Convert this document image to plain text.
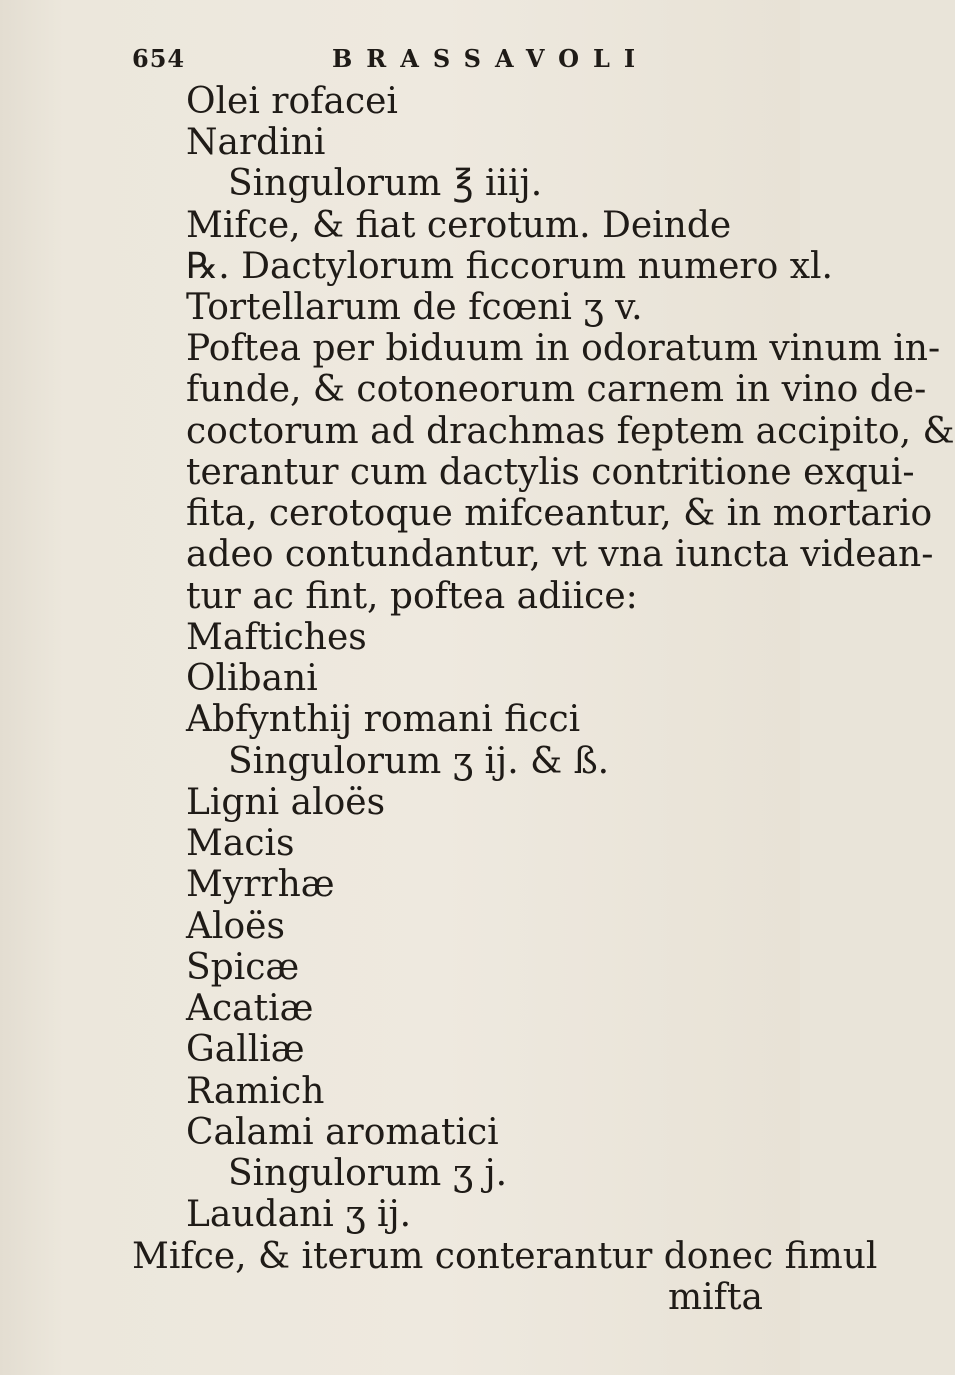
654	BRASSAVOLI
Olei rofacei
Nardini
Singulorum ℥ iiij.
Mifce, & fiat cerotum. Deinde
℞. Dactylorum ficcorum numero xl.
Tortellarum de fcœni ʒ v.
Poftea per biduum in odoratum vinum in-
funde, & cotoneorum carnem in vino de-
coctorum ad drachmas feptem accipito, &
terantur cum dactylis contritione exqui-
fita, cerotoque mifceantur, & in mortario
adeo contundantur, vt vna iuncta videan-
tur ac fint, poftea adiice:
Maftiches
Olibani
Abfynthij romani ficci
Singulorum ʒ ij. & ß.
Ligni aloës
Macis
Myrrhæ
Aloës
Spicæ
Acatiæ
Galliæ
Ramich
Calami aromatici
Singulorum ʒ j.
Laudani ʒ ij.
Mifce, & iterum conterantur donec fimul
mifta
